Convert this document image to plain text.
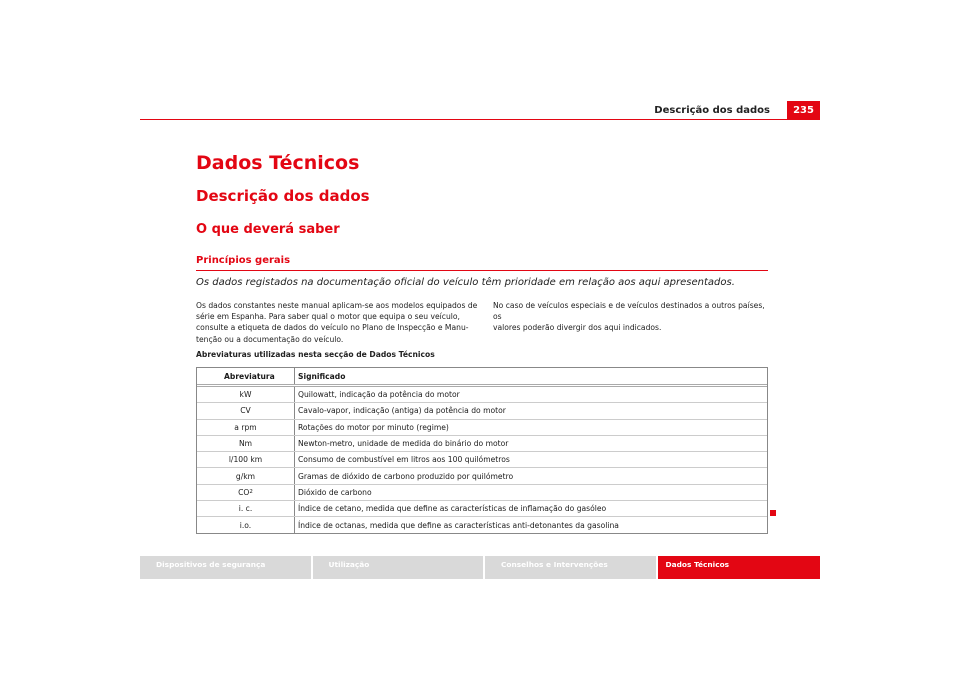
Descrição dos dados	235
Dados Técnicos
Descrição dos dados
O que deverá saber
Princípios gerais
Os dados registados na documentação oficial do veículo têm prioridade em relação aos aqui apresentados.

Os dados constantes neste manual aplicam-se aos modelos equipados de

série em Espanha. Para saber qual o motor que equipa o seu veículo,

consulte a etiqueta de dados do veículo no Plano de Inspecção e Manu-

tenção ou a documentação do veículo.

No caso de veículos especiais e de veículos destinados a outros países, os

valores poderão divergir dos aqui indicados.

Abreviaturas utilizadas nesta secção de Dados Técnicos
Abreviatura	Significado
kW	Quilowatt, indicação da potência do motor
CV	Cavalo-vapor, indicação (antiga) da potência do motor
a rpm	Rotações do motor por minuto (regime)
Nm	Newton-metro, unidade de medida do binário do motor
l/100 km	Consumo de combustível em litros aos 100 quilómetros
g/km	Gramas de dióxido de carbono produzido por quilómetro
CO 2	Dióxido de carbono
i. c.	Índice de cetano, medida que define as características de inflamação do gasóleo
i.o.	Índice de octanas, medida que define as características anti-detonantes da gasolina
Dispositivos de segurança	Utilização	Conselhos e Intervenções	Dados Técnicos
